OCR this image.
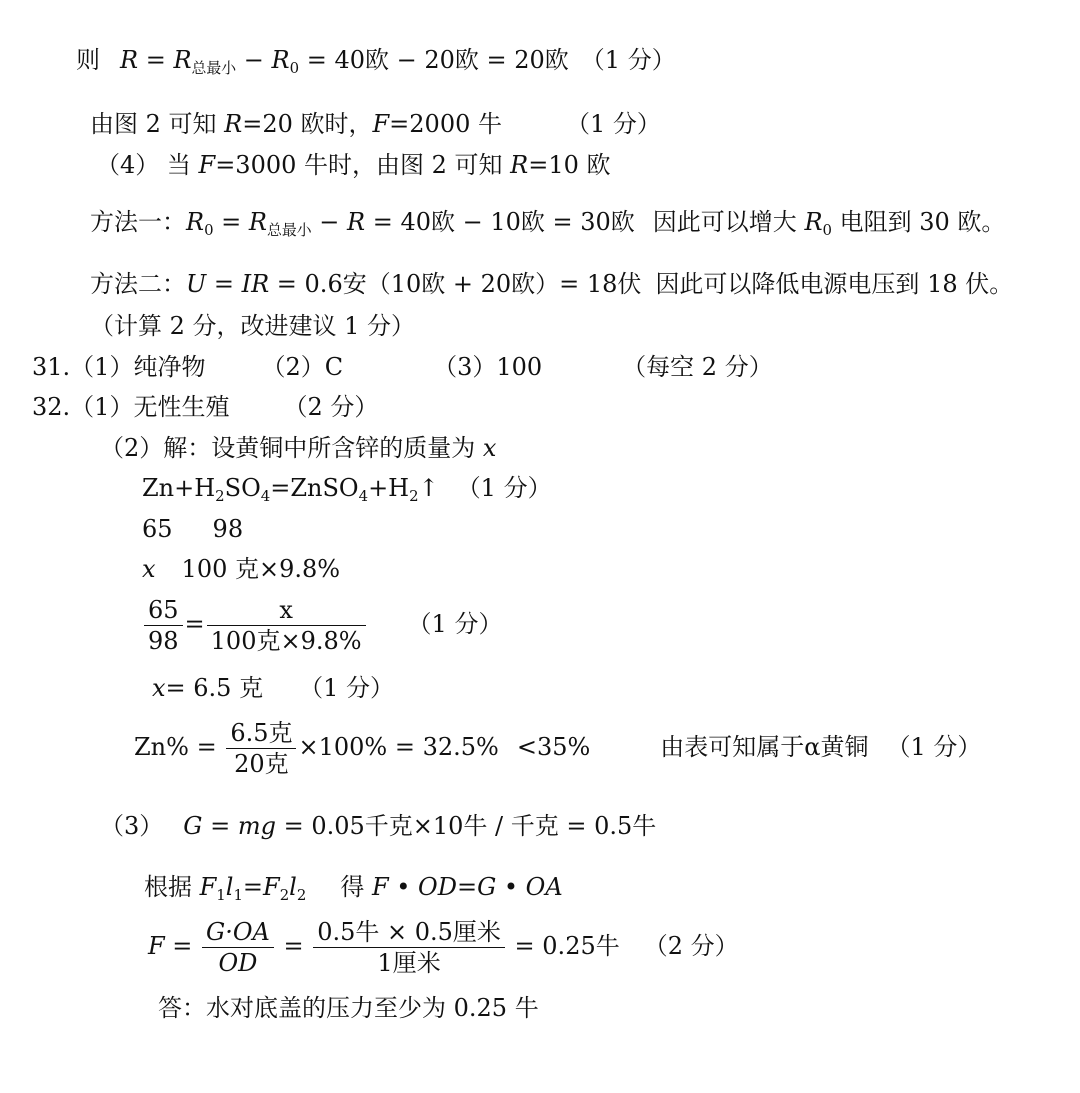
则 $R = R_{总最小} - R_0 = 40$欧 − 20欧 = 20欧 （1 分）
由图 2 可知 R=20 欧时，F=2000 牛	（1 分）
（4） 当 F=3000 牛时，由图 2 可知 R=10 欧
方法一：$R_0 = R_{总最小} - R = 40$欧 − 10欧 = 30欧 因此可以增大 $R_0$ 电阻到 30 欧。
方法二：U = IR = 0.6安（10欧 + 20欧）= 18伏 因此可以降低电源电压到 18 伏。
（计算 2 分，改进建议 1 分）
31.（1）纯净物 （2）C	（3）100	（每空 2 分）
32.（1）无性生殖 （2 分）
（2）解：设黄铜中所含锌的质量为 x
$Zn+H_2SO_4=ZnSO_4+H_2↑$ （1 分）
65 98
x 100 克×9.8%
$\frac{65}{98} = \frac{x}{\text{100克×9.8\%}} (1$ 分）
x= 6.5 克 （1 分）
$Zn\% = \frac{\text{6.5克}}{\text{20克}} \times 100\% = 32.5\% <35\%$	由表可知属于α黄铜 （1 分）
（3） G = mg = 0.05千克×10牛 / 千克 = 0.5牛
根据 $F_1l_1=F_2l_2$ 得 F • OD=G • OA
$F = \frac{G\cdot OA}{OD} = \frac{\text{0.5牛 × 0.5厘米}}{\text{1厘米}} = 0.25$牛 （2 分）
答：水对底盖的压力至少为 0.25 牛
